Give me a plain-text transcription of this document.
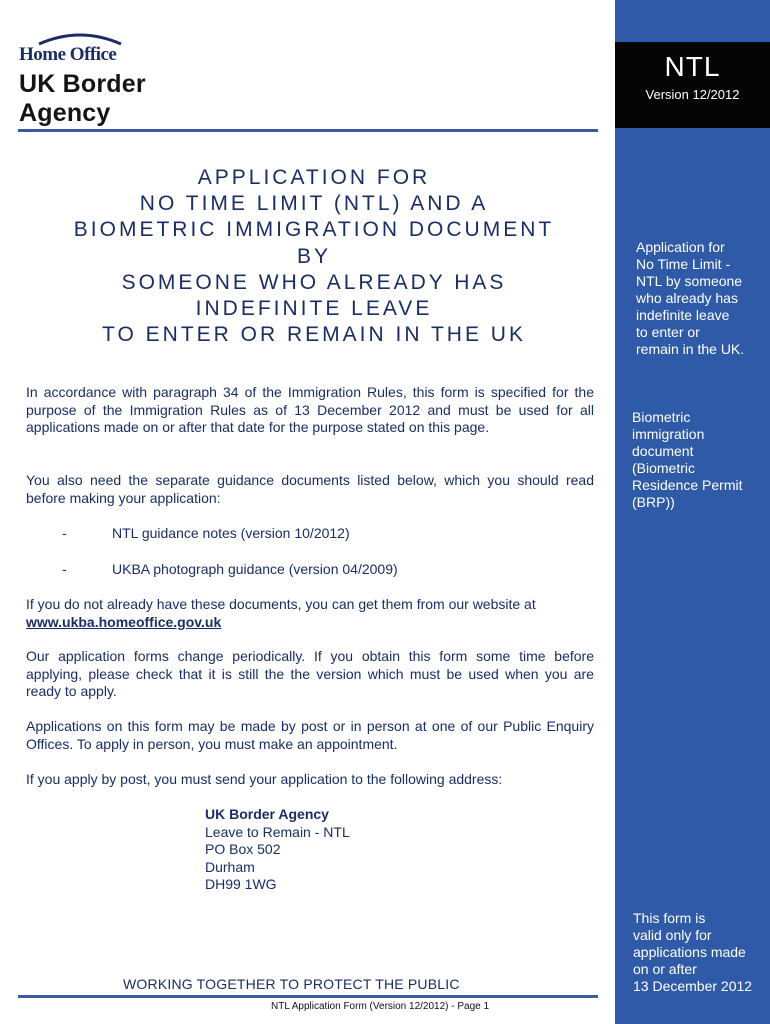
Home Office
UK Border
Agency
APPLICATION FOR
NO TIME LIMIT (NTL) AND A
BIOMETRIC IMMIGRATION DOCUMENT
BY
SOMEONE WHO ALREADY HAS
INDEFINITE LEAVE
TO ENTER OR REMAIN IN THE UK
In accordance with paragraph 34 of the Immigration Rules, this form is specified for the purpose of the Immigration Rules as of 13 December 2012 and must be used for all applications made on or after that date for the purpose stated on this page.
You also need the separate guidance documents listed below, which you should read before making your application:
-	NTL guidance notes (version 10/2012)
-	UKBA photograph guidance (version 04/2009)
If you do not already have these documents, you can get them from our website at
www.ukba.homeoffice.gov.uk
Our application forms change periodically. If you obtain this form some time before applying, please check that it is still the the version which must be used when you are ready to apply.
Applications on this form may be made by post or in person at one of our Public Enquiry Offices. To apply in person, you must make an appointment.
If you apply by post, you must send your application to the following address:
UK Border Agency
Leave to Remain - NTL
PO Box 502
Durham
DH99 1WG
WORKING TOGETHER TO PROTECT THE PUBLIC
NTL Application Form (Version 12/2012) - Page 1
NTL
Version 12/2012
Application for
No Time Limit -
NTL by someone
who already has
indefinite leave
to enter or
remain in the UK.
Biometric
immigration
document
(Biometric
Residence Permit
(BRP))
This form is
valid only for
applications made
on or after
13 December 2012
